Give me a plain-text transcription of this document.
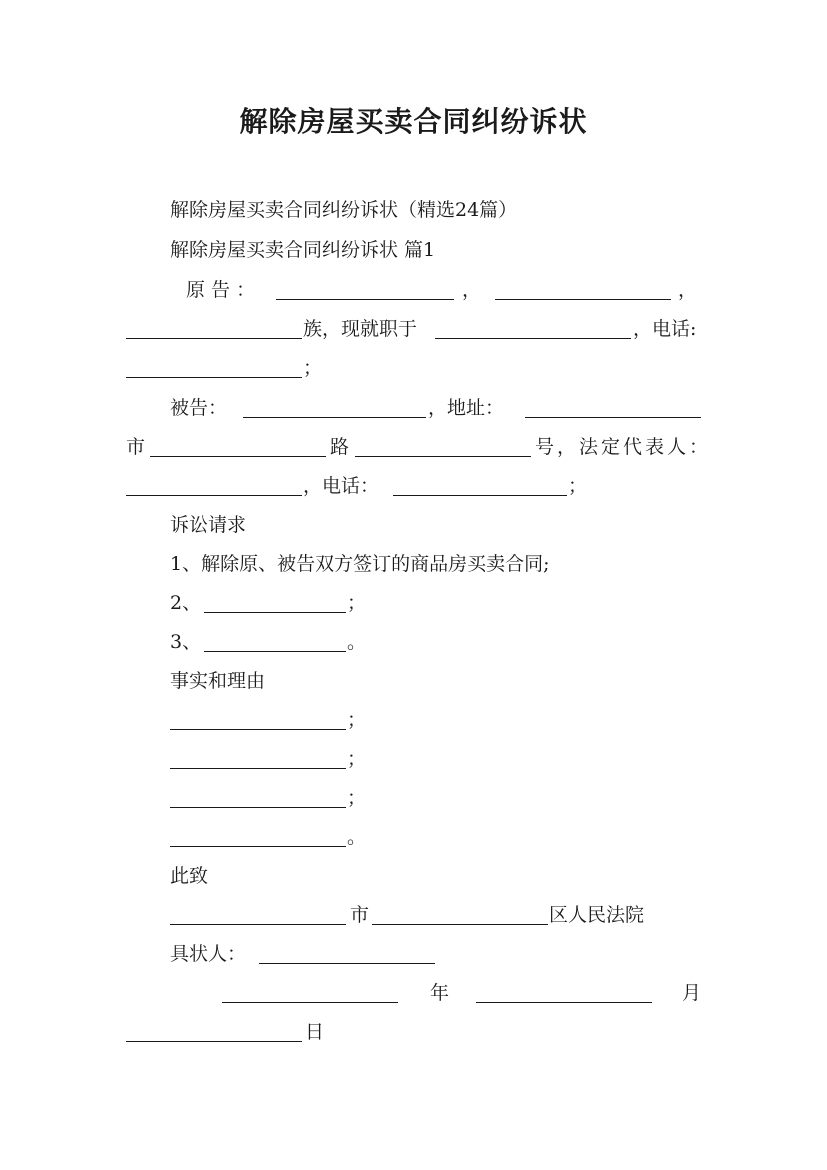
解除房屋买卖合同纠纷诉状
解除房屋买卖合同纠纷诉状（精选24篇）
解除房屋买卖合同纠纷诉状 篇1
原 告 ：	，	，
族，现就职于	，电话:
；
被告：	，地址：
市	路	号，法定代表人：
，电话：	；
诉讼请求
1、解除原、被告双方签订的商品房买卖合同;
2、	；
3、	。
事实和理由
；
；
；
。
此致
市	区人民法院
具状人：
年	月
日
